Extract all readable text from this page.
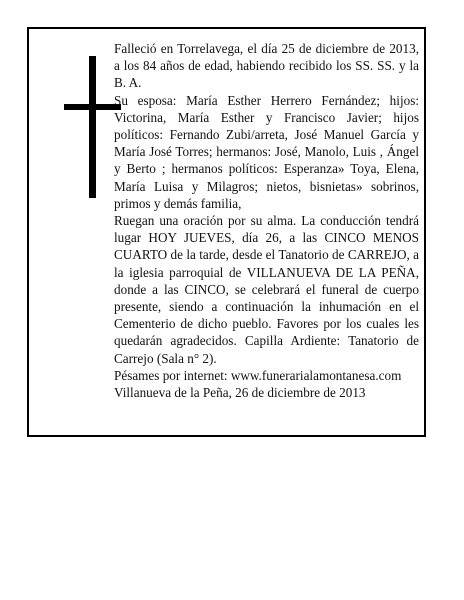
Falleció en Torrelavega, el día 25 de diciembre de 2013, a los 84 años de edad, habiendo recibido los SS. SS. y la B. A.

Su esposa: María Esther Herrero Fernández; hijos: Victorina, María Esther y Francisco Javier; hijos políticos: Fernando Zubi/arreta, José Manuel García y María José Torres; hermanos: José, Manolo, Luis , Ángel y Berto ; hermanos políticos: Esperanza» Toya, Elena, María Luisa y Milagros; nietos, bisnietas» sobrinos, primos y demás familia,

Ruegan una oración por su alma. La conducción tendrá lugar HOY JUEVES, día 26, a las CINCO MENOS CUARTO de la tarde, desde el Tanatorio de CARREJO, a la iglesia parroquial de VILLANUEVA DE LA PEÑA, donde a las CINCO, se celebrará el funeral de cuerpo presente, siendo a continuación la inhumación en el Cementerio de dicho pueblo. Favores por los cuales les quedarán agradecidos. Capilla Ardiente: Tanatorio de Carrejo (Sala n° 2).

Pésames por internet: www.funerarialamontanesa.com

Villanueva de la Peña, 26 de diciembre de 2013
